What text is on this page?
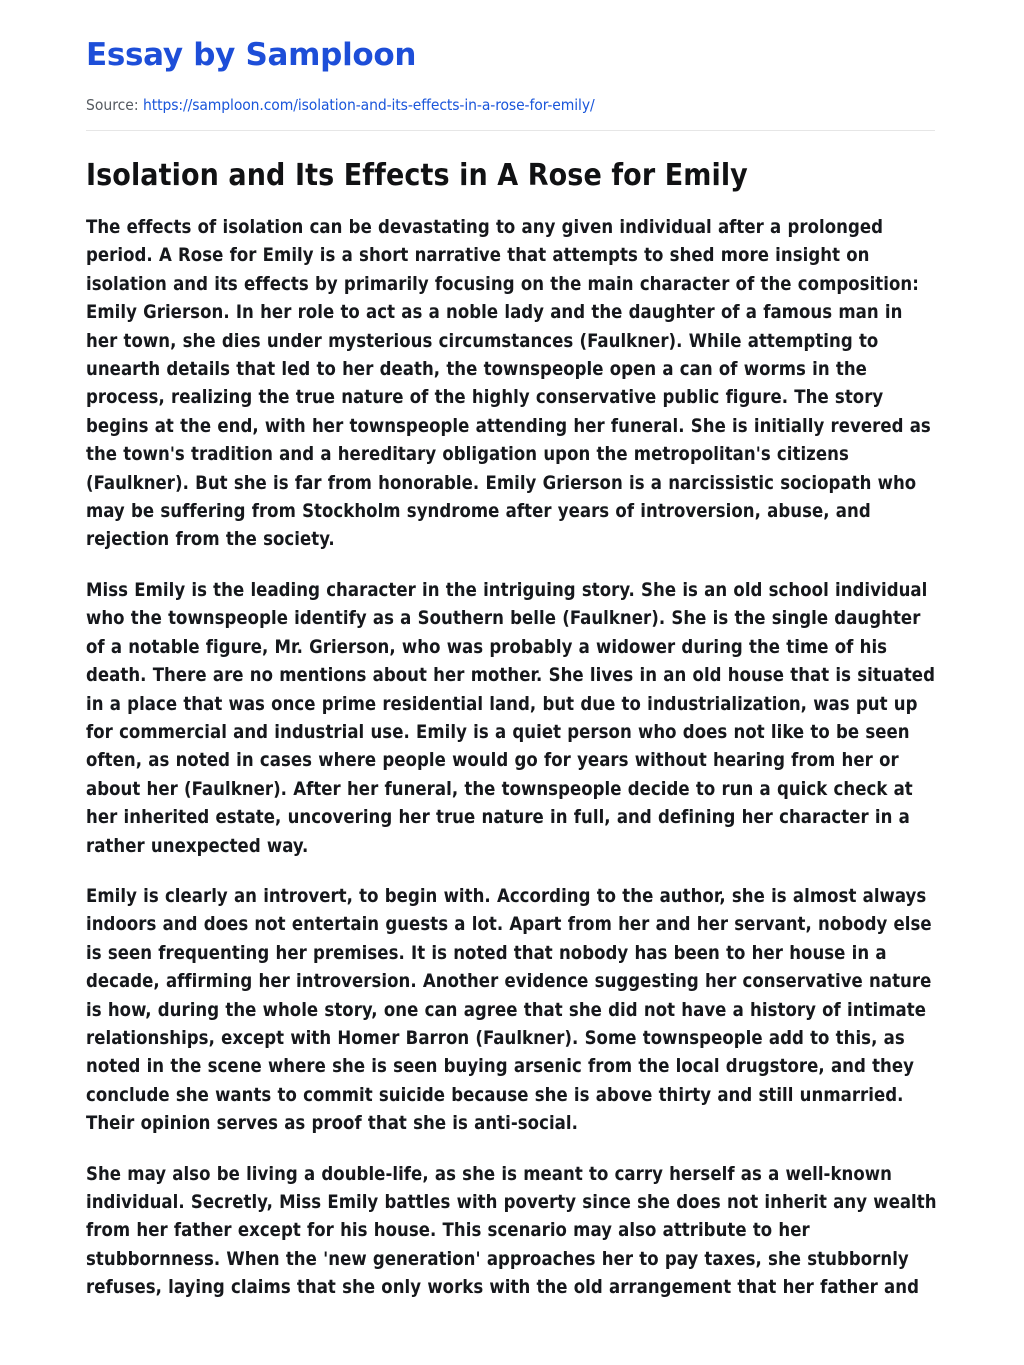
Essay by Samploon
Source: https://samploon.com/isolation-and-its-effects-in-a-rose-for-emily/
Isolation and Its Effects in A Rose for Emily

The effects of isolation can be devastating to any given individual after a prolonged period. A Rose for Emily is a short narrative that attempts to shed more insight on isolation and its effects by primarily focusing on the main character of the composition: Emily Grierson. In her role to act as a noble lady and the daughter of a famous man in her town, she dies under mysterious circumstances (Faulkner). While attempting to unearth details that led to her death, the townspeople open a can of worms in the process, realizing the true nature of the highly conservative public figure. The story begins at the end, with her townspeople attending her funeral. She is initially revered as the town's tradition and a hereditary obligation upon the metropolitan's citizens (Faulkner). But she is far from honorable. Emily Grierson is a narcissistic sociopath who may be suffering from Stockholm syndrome after years of introversion, abuse, and rejection from the society.

Miss Emily is the leading character in the intriguing story. She is an old school individual who the townspeople identify as a Southern belle (Faulkner). She is the single daughter of a notable figure, Mr. Grierson, who was probably a widower during the time of his death. There are no mentions about her mother. She lives in an old house that is situated in a place that was once prime residential land, but due to industrialization, was put up for commercial and industrial use. Emily is a quiet person who does not like to be seen often, as noted in cases where people would go for years without hearing from her or about her (Faulkner). After her funeral, the townspeople decide to run a quick check at her inherited estate, uncovering her true nature in full, and defining her character in a rather unexpected way.

Emily is clearly an introvert, to begin with. According to the author, she is almost always indoors and does not entertain guests a lot. Apart from her and her servant, nobody else is seen frequenting her premises. It is noted that nobody has been to her house in a decade, affirming her introversion. Another evidence suggesting her conservative nature is how, during the whole story, one can agree that she did not have a history of intimate relationships, except with Homer Barron (Faulkner). Some townspeople add to this, as noted in the scene where she is seen buying arsenic from the local drugstore, and they conclude she wants to commit suicide because she is above thirty and still unmarried. Their opinion serves as proof that she is anti-social.

She may also be living a double-life, as she is meant to carry herself as a well-known individual. Secretly, Miss Emily battles with poverty since she does not inherit any wealth from her father except for his house. This scenario may also attribute to her stubbornness. When the 'new generation' approaches her to pay taxes, she stubbornly refuses, laying claims that she only works with the old arrangement that her father and
